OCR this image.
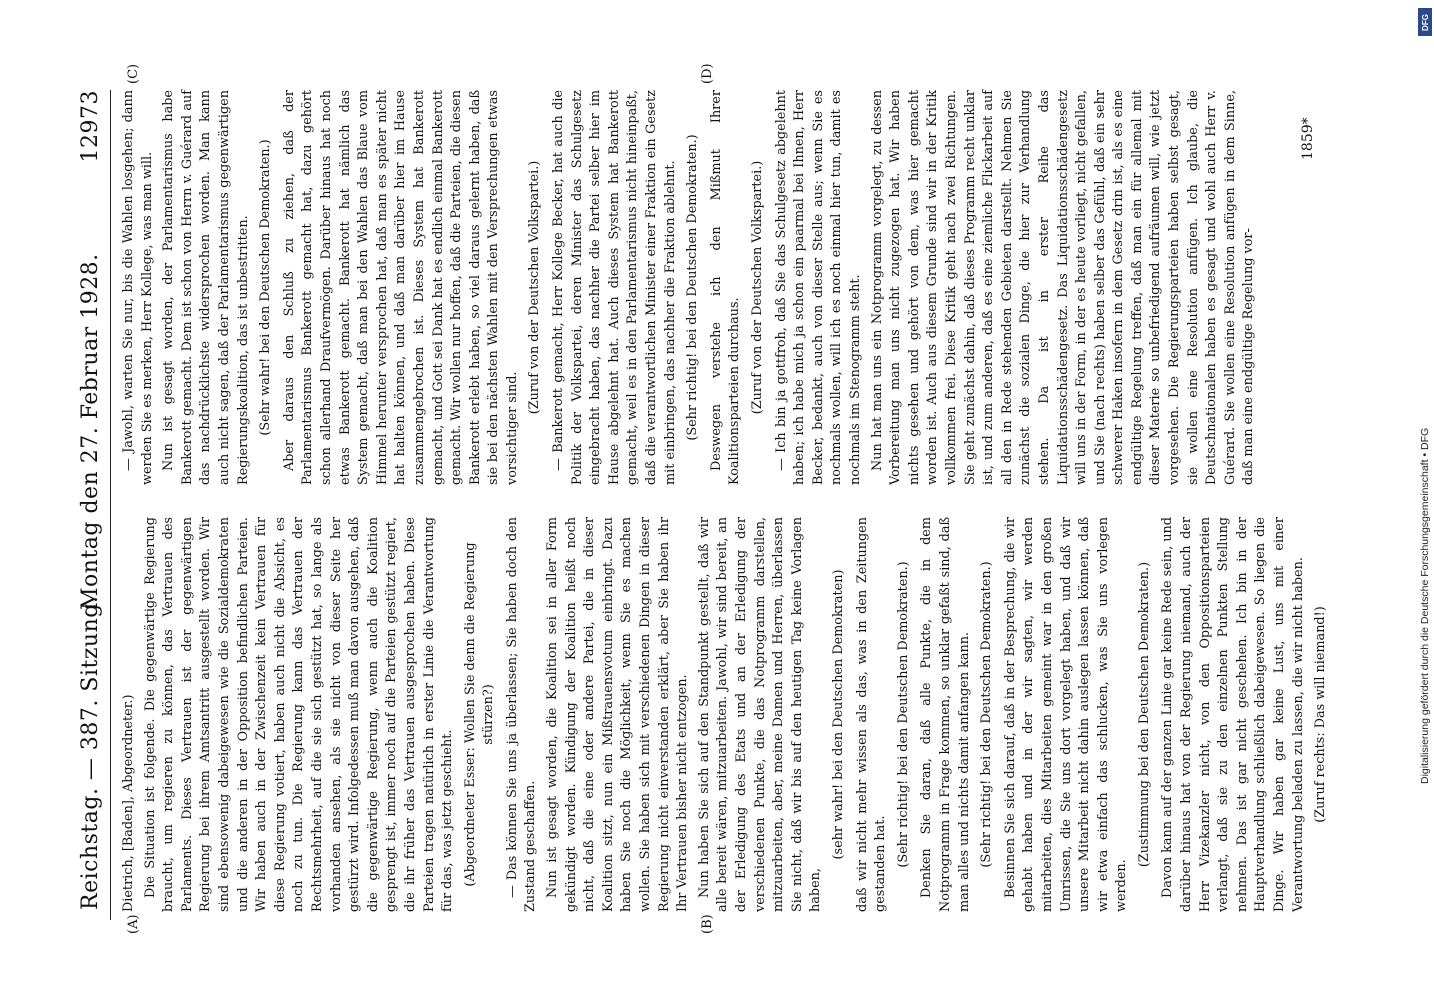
Reichstag. — 387. Sitzung.
Montag den 27. Februar 1928.
12973
(A)	(B)
(C)	(D)

Dietrich, [Baden], Abgeordneter.) Die Situation ist folgende. Die gegenwärtige Regierung braucht, um regieren zu können, das Vertrauen des Parlaments. Dieses Vertrauen ist der gegenwärtigen Regierung bei ihrem Amtsantritt ausgestellt worden. Wir sind ebensowenig dabeigewesen wie die Sozialdemokraten und die anderen in der Opposition befindlichen Parteien. Wir haben auch in der Zwischenzeit kein Vertrauen für diese Regierung votiert, haben auch nicht die Absicht, es noch zu tun. Die Regierung kann das Vertrauen der Rechtsmehrheit, auf die sie sich gestützt hat, so lange als vorhanden ansehen, als sie nicht von dieser Seite her gestürzt wird. Infolgedessen muß man davon ausgehen, daß die gegenwärtige Regierung, wenn auch die Koalition gesprengt ist, immer noch auf die Parteien gestützt regiert, die ihr früher das Vertrauen ausgesprochen haben. Diese Parteien tragen natürlich in erster Linie die Verantwortung für das, was jetzt geschieht. (Abgeordneter Esser: Wollen Sie denn die Regierung stürzen?) — Das können Sie uns ja überlassen; Sie haben doch den Zustand geschaffen. Nun ist gesagt worden, die Koalition sei in aller Form gekündigt worden. Kündigung der Koalition heißt noch nicht, daß die eine oder andere Partei, die in dieser Koalition sitzt, nun ein Mißtrauensvotum einbringt. Dazu haben Sie noch die Möglichkeit, wenn Sie es machen wollen. Sie haben sich mit verschiedenen Dingen in dieser Regierung nicht einverstanden erklärt, aber Sie haben ihr Ihr Vertrauen bisher nicht entzogen. Nun haben Sie sich auf den Standpunkt gestellt, daß wir alle bereit wären, mitzuarbeiten. Jawohl, wir sind bereit, an der Erledigung des Etats und an der Erledigung der verschiedenen Punkte, die das Notprogramm darstellen, mitzuarbeiten, aber, meine Damen und Herren, überlassen Sie nicht, daß wir bis auf den heutigen Tag keine Vorlagen haben,

(sehr wahr! bei den Deutschen Demokraten) daß wir nicht mehr wissen als das, was in den Zeitungen gestanden hat. (Sehr richtig! bei den Deutschen Demokraten.) Denken Sie daran, daß alle Punkte, die in dem Notprogramm in Frage kommen, so unklar gefaßt sind, daß man alles und nichts damit anfangen kann. (Sehr richtig! bei den Deutschen Demokraten.) Besinnen Sie sich darauf, daß in der Besprechung, die wir gehabt haben und in der wir sagten, wir werden mitarbeiten, dies Mitarbeiten gemeint war in den großen Umrissen, die Sie uns dort vorgelegt haben, und daß wir unsere Mitarbeit nicht dahin auslegen lassen können, daß wir etwa einfach das schlucken, was Sie uns vorlegen werden.

(Zustimmung bei den Deutschen Demokraten.) Davon kann auf der ganzen Linie gar keine Rede sein, und darüber hinaus hat von der Regierung niemand, auch der Herr Vizekanzler nicht, von den Oppositionsparteien verlangt, daß sie zu den einzelnen Punkten Stellung nehmen. Das ist gar nicht geschehen. Ich bin in der Hauptverhandlung schließlich dabeigewesen. So liegen die Dinge. Wir haben gar keine Lust, uns mit einer Verantwortung beladen zu lassen, die wir nicht haben. (Zuruf rechts: Das will niemand!)

— Jawohl, warten Sie nur, bis die Wahlen losgehen; dann werden Sie es merken, Herr Kollege, was man will. Nun ist gesagt worden, der Parlamentarismus habe Bankerott gemacht. Dem ist schon von Herrn v. Guérard auf das nachdrücklichste widersprochen worden. Man kann auch nicht sagen, daß der Parlamentarismus gegenwärtigen Regierungskoalition, das ist unbestritten. (Sehr wahr! bei den Deutschen Demokraten.) Aber daraus den Schluß zu ziehen, daß der Parlamentarismus Bankerott gemacht hat, dazu gehört schon allerhand Draufvermögen. Darüber hinaus hat noch etwas Bankerott gemacht. Bankerott hat nämlich das System gemacht, daß man bei den Wahlen das Blaue vom Himmel herunter versprochen hat, daß man es später nicht hat halten können, und daß man darüber hier im Hause zusammengebrochen ist. Dieses System hat Bankerott gemacht, und Gott sei Dank hat es endlich einmal Bankerott gemacht. Wir wollen nur hoffen, daß die Parteien, die diesen Bankerott erlebt haben, so viel daraus gelernt haben, daß sie bei den nächsten Wahlen mit den Versprechungen etwas vorsichtiger sind.

(Zuruf von der Deutschen Volkspartei.) — Bankerott gemacht, Herr Kollege Becker, hat auch die Politik der Volkspartei, deren Minister das Schulgesetz eingebracht haben, das nachher die Partei selber hier im Hause abgelehnt hat. Auch dieses System hat Bankerott gemacht, weil es in den Parlamentarismus nicht hineinpaßt, daß die verantwortlichen Minister einer Fraktion ein Gesetz mit einbringen, das nachher die Fraktion ablehnt. (Sehr richtig! bei den Deutschen Demokraten.) Deswegen verstehe ich den Mißmut Ihrer Koalitionsparteien durchaus. (Zuruf von der Deutschen Volkspartei.) — Ich bin ja gottfroh, daß Sie das Schulgesetz abgelehnt haben; ich habe mich ja schon ein paarmal bei Ihnen, Herr Becker, bedankt, auch von dieser Stelle aus; wenn Sie es nochmals wollen, will ich es noch einmal hier tun, damit es nochmals im Stenogramm steht. Nun hat man uns ein Notprogramm vorgelegt, zu dessen Vorbereitung man uns nicht zugezogen hat. Wir haben nichts gesehen und gehört von dem, was hier gemacht worden ist. Auch aus diesem Grunde sind wir in der Kritik vollkommen frei. Diese Kritik geht nach zwei Richtungen. Sie geht zunächst dahin, daß dieses Programm recht unklar ist, und zum anderen, daß es eine ziemliche Flickarbeit auf all den in Rede stehenden Gebieten darstellt. Nehmen Sie zunächst die sozialen Dinge, die hier zur Verhandlung stehen. Da ist in erster Reihe das Liquidationsschädengesetz. Das Liquidationsschädengesetz will uns in der Form, in der es heute vorliegt, nicht gefallen, und Sie (nach rechts) haben selber das Gefühl, daß ein sehr schwerer Haken insofern in dem Gesetz drin ist, als es eine endgültige Regelung treffen, daß man ein für allemal mit dieser Materie so unbefriedigend aufräumen will, wie jetzt vorgesehen. Die Regierungsparteien haben selbst gesagt, sie wollen eine Resolution anfügen. Ich glaube, die Deutschnationalen haben es gesagt und wohl auch Herr v. Guérard. Sie wollen eine Resolution anfügen in dem Sinne, daß man eine endgültige Regelung vor-

1859*
DFG
Digitalisierung gefördert durch die Deutsche Forschungsgemeinschaft • DFG
